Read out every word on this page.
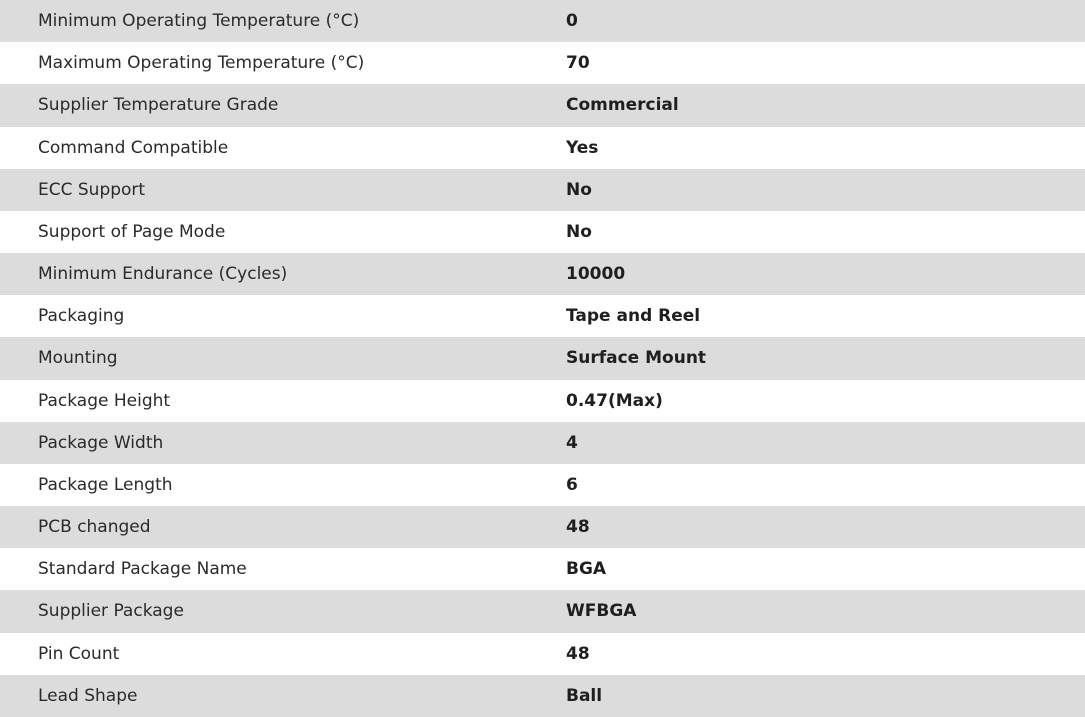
Minimum Operating Temperature (°C)	0
Maximum Operating Temperature (°C)	70
Supplier Temperature Grade	Commercial
Command Compatible	Yes
ECC Support	No
Support of Page Mode	No
Minimum Endurance (Cycles)	10000
Packaging	Tape and Reel
Mounting	Surface Mount
Package Height	0.47(Max)
Package Width	4
Package Length	6
PCB changed	48
Standard Package Name	BGA
Supplier Package	WFBGA
Pin Count	48
Lead Shape	Ball
